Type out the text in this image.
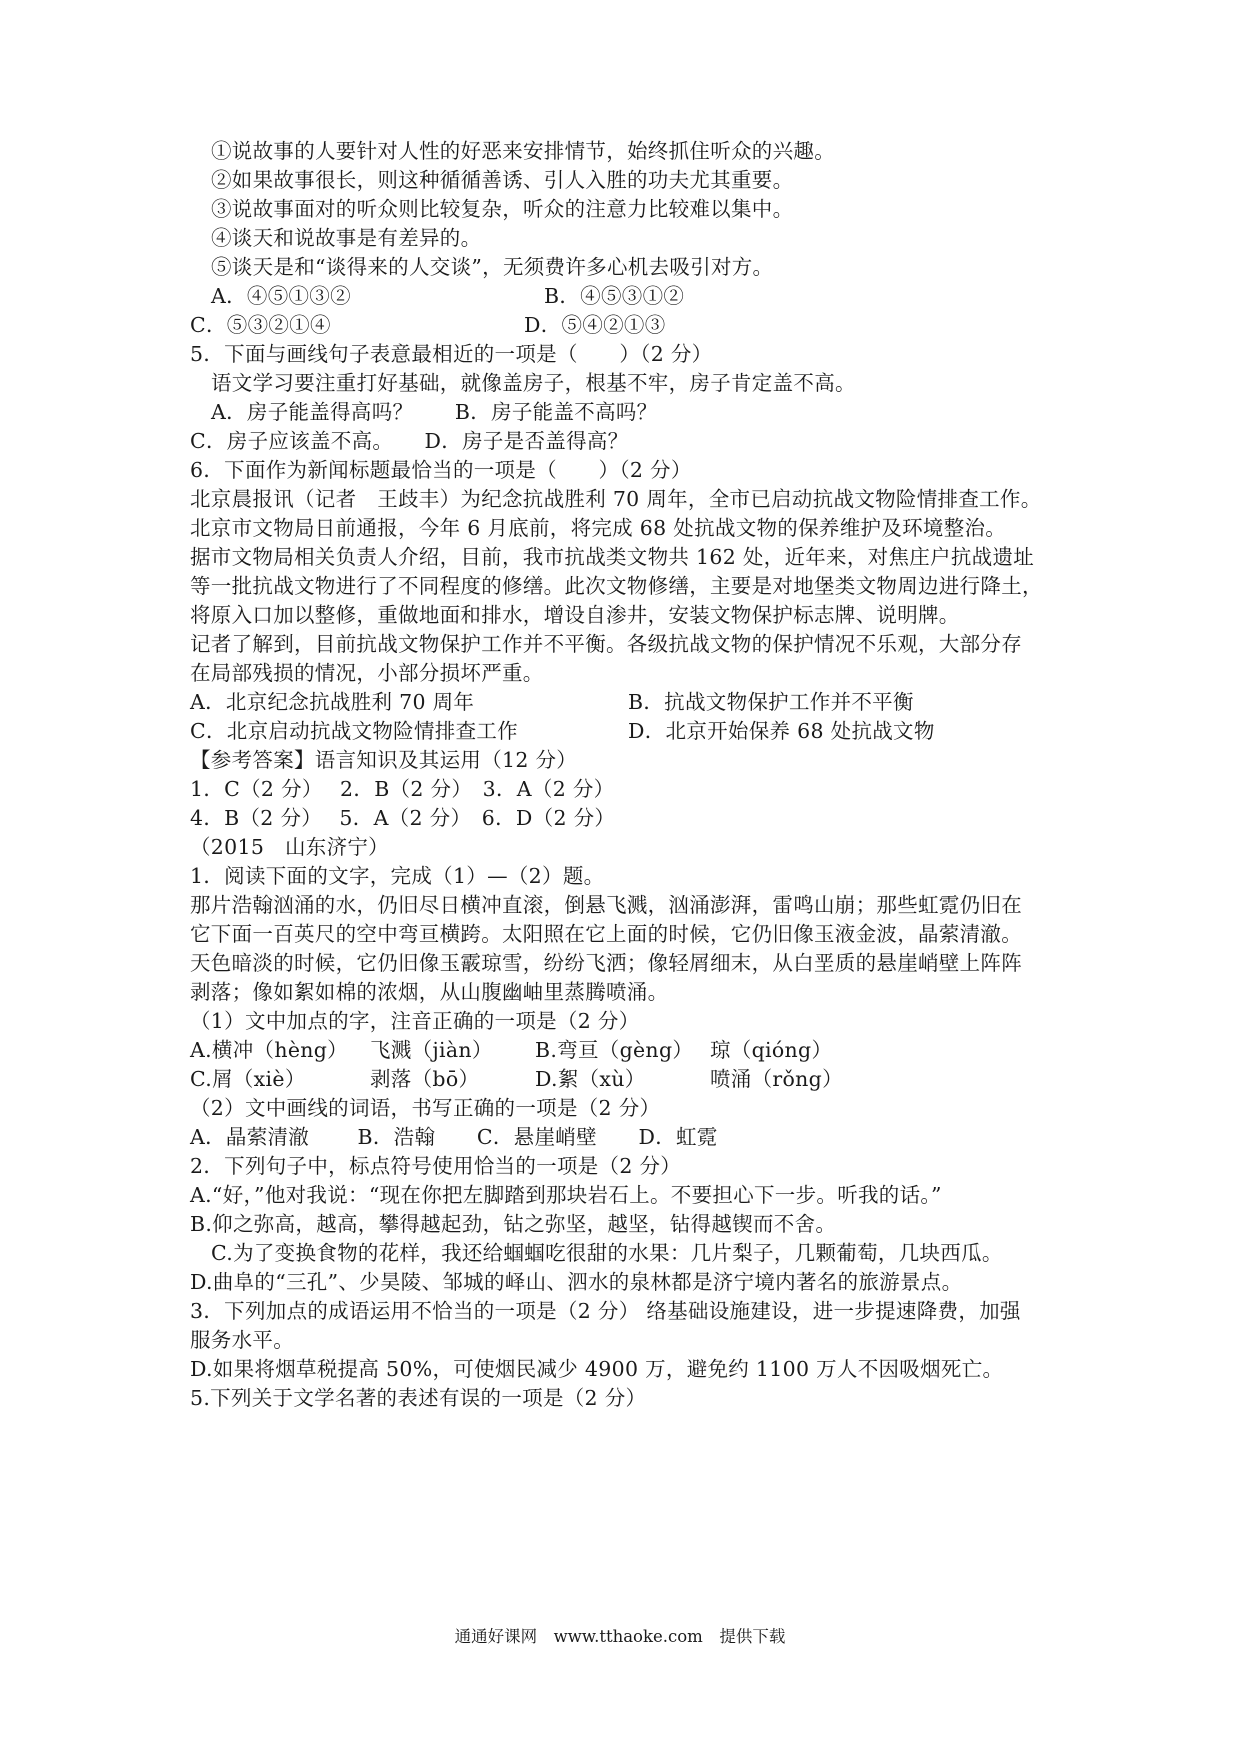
①说故事的人要针对人性的好恶来安排情节，始终抓住听众的兴趣。
②如果故事很长，则这种循循善诱、引人入胜的功夫尤其重要。
③说故事面对的听众则比较复杂，听众的注意力比较难以集中。
④谈天和说故事是有差异的。
⑤谈天是和“谈得来的人交谈”，无须费许多心机去吸引对方。
A．④⑤①③②	B．④⑤③①②
C．⑤③②①④	D．⑤④②①③
5．下面与画线句子表意最相近的一项是（　　）（2 分）
语文学习要注重打好基础，就像盖房子，根基不牢，房子肯定盖不高。
A．房子能盖得高吗？　　B．房子能盖不高吗？
C．房子应该盖不高。　　D．房子是否盖得高？
6．下面作为新闻标题最恰当的一项是（　　）（2 分）
北京晨报讯（记者　王歧丰）为纪念抗战胜利 70 周年，全市已启动抗战文物险情排查工作。
北京市文物局日前通报，今年 6 月底前，将完成 68 处抗战文物的保养维护及环境整治。
据市文物局相关负责人介绍，目前，我市抗战类文物共 162 处，近年来，对焦庄户抗战遗址
等一批抗战文物进行了不同程度的修缮。此次文物修缮，主要是对地堡类文物周边进行降土，
将原入口加以整修，重做地面和排水，增设自渗井，安装文物保护标志牌、说明牌。
记者了解到，目前抗战文物保护工作并不平衡。各级抗战文物的保护情况不乐观，大部分存
在局部残损的情况，小部分损坏严重。
A．北京纪念抗战胜利 70 周年	B．抗战文物保护工作并不平衡
C．北京启动抗战文物险情排查工作	D．北京开始保养 68 处抗战文物
【参考答案】语言知识及其运用（12 分）
1．C（2 分）　 2．B（2 分）　3．A（2 分）
4．B（2 分）　 5．A（2 分）　6．D（2 分）
（2015　山东济宁）
1．阅读下面的文字，完成（1）—（2）题。
那片浩翰汹涌的水，仍旧尽日横冲直滚，倒悬飞溅，汹涌澎湃，雷鸣山崩；那些虹霓仍旧在
它下面一百英尺的空中弯亘横跨。太阳照在它上面的时候，它仍旧像玉液金波，晶萦清澈。
天色暗淡的时候，它仍旧像玉霰琼雪，纷纷飞洒；像轻屑细末，从白垩质的悬崖峭壁上阵阵
剥落；像如絮如棉的浓烟，从山腹幽岫里蒸腾喷涌。
（1）文中加点的字，注音正确的一项是（2 分）
A.横冲（hèng） 飞溅（jiàn） B.弯亘（gèng） 琼（qióng）
C.屑（xiè）	剥落（bō）	D.絮（xù）	喷涌（rǒng）
（2）文中画线的词语，书写正确的一项是（2 分）
A．晶萦清澈　　 B．浩翰　　C．悬崖峭壁　　D．虹霓
2．下列句子中，标点符号使用恰当的一项是（2 分）
A.“好，”他对我说：“现在你把左脚踏到那块岩石上。不要担心下一步。听我的话。”
B.仰之弥高，越高，攀得越起劲，钻之弥坚，越坚，钻得越锲而不舍。
C.为了变换食物的花样，我还给蝈蝈吃很甜的水果：几片梨子，几颗葡萄，几块西瓜。
D.曲阜的“三孔”、少昊陵、邹城的峄山、泗水的泉林都是济宁境内著名的旅游景点。
3．下列加点的成语运用不恰当的一项是（2 分） 络基础设施建设，进一步提速降费，加强
服务水平。
D.如果将烟草税提高 50%，可使烟民减少 4900 万，避免约 1100 万人不因吸烟死亡。
5.下列关于文学名著的表述有误的一项是（2 分）
通通好课网　www.tthaoke.com　提供下载
